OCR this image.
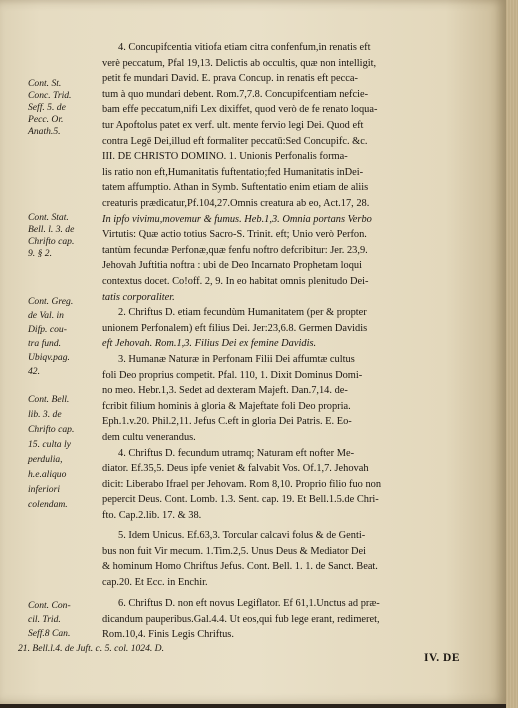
Cont. St.
Conc. Trid.
Seff. 5. de
Pecc. Or.
Anath.5.
Cont. Stat.
Bell. l. 3. de
Chrifto cap.
9. § 2.
Cont. Greg.
de Val. in
Difp. cou-
tra fund.
Ubiqv.pag.
42.
Cont. Bell.
lib. 3. de
Chrifto cap.
15. culta ly
perdulia,
h.e.aliquo
inferiori
colendam.
Cont. Con-
cil. Trid.
Seff.8 Can.
21. Bell.l.4. de Juft. c. 5. col. 1024. D.
4. Concupifcentia vitiofa etiam citra confenfum,in renatis eft
verè peccatum, Pfal 19,13. Delictis ab occultis, quæ non intelligit,
petit fe mundari David. E. prava Concup. in renatis eft pecca-
tum à quo mundari debent. Rom.7,7.8. Concupifcentiam nefcie-
bam effe peccatum,nifi Lex dixiffet, quod verò de fe renato loqua-
tur Apoftolus patet ex verf. ult. mente fervio legi Dei. Quod eft
contra Legē Dei,illud eft formaliter peccatū:Sed Concupifc. &c.
III. DE CHRISTO DOMINO. 1. Unionis Perfonalis forma-
lis ratio non eft,Humanitatis fuftentatio;fed Humanitatis inDei-
tatem affumptio. Athan in Symb. Suftentatio enim etiam de aliis
creaturis prædicatur,Pf.104,27.Omnis creatura ab eo, Act.17, 28.
In ipfo vivimu,movemur & fumus. Heb.1,3. Omnia portans Verbo
Virtutis: Quæ actio totius Sacro-S. Trinit. eft; Unio verò Perfon.
tantùm fecundæ Perfonæ,quæ fenfu noftro defcribitur: Jer. 23,9.
Jehovah Juftitia noftra : ubi de Deo Incarnato Prophetam loqui
contextus docet. Co!off. 2, 9. In eo habitat omnis plenitudo Dei-
tatis corporaliter.
2. Chriftus D. etiam fecundùm Humanitatem (per & propter
unionem Perfonalem) eft filius Dei. Jer:23,6.8. Germen Davidis
eft Jehovah. Rom.1,3. Filius Dei ex femine Davidis.
3. Humanæ Naturæ in Perfonam Filii Dei affumtæ cultus
foli Deo proprius competit. Pfal. 110, 1. Dixit Dominus Domi-
no meo. Hebr.1,3. Sedet ad dexteram Majeft. Dan.7,14. de-
fcribit filium hominis à gloria & Majeftate foli Deo propria.
Eph.1.v.20. Phil.2,11. Jefus C.eft in gloria Dei Patris. E. Eo-
dem cultu venerandus.
4. Chriftus D. fecundum utramq; Naturam eft nofter Me-
diator. Ef.35,5. Deus ipfe veniet & falvabit Vos. Of.1,7. Jehovah
dicit: Liberabo Ifrael per Jehovam. Rom 8,10. Proprio filio fuo non
pepercit Deus. Cont. Lomb. 1.3. Sent. cap. 19. Et Bell.1.5.de Chri-
fto. Cap.2.lib. 17. & 38.
5. Idem Unicus. Ef.63,3. Torcular calcavi folus & de Genti-
bus non fuit Vir mecum. 1.Tim.2,5. Unus Deus & Mediator Dei
& hominum Homo Chriftus Jefus. Cont. Bell. 1. 1. de Sanct. Beat.
cap.20. Et Ecc. in Enchir.
6. Chriftus D. non eft novus Legiflator. Ef 61,1.Unctus ad præ-
dicandum pauperibus.Gal.4.4. Ut eos,qui fub lege erant, redimeret,
Rom.10,4. Finis Legis Chriftus.
IV. DE
